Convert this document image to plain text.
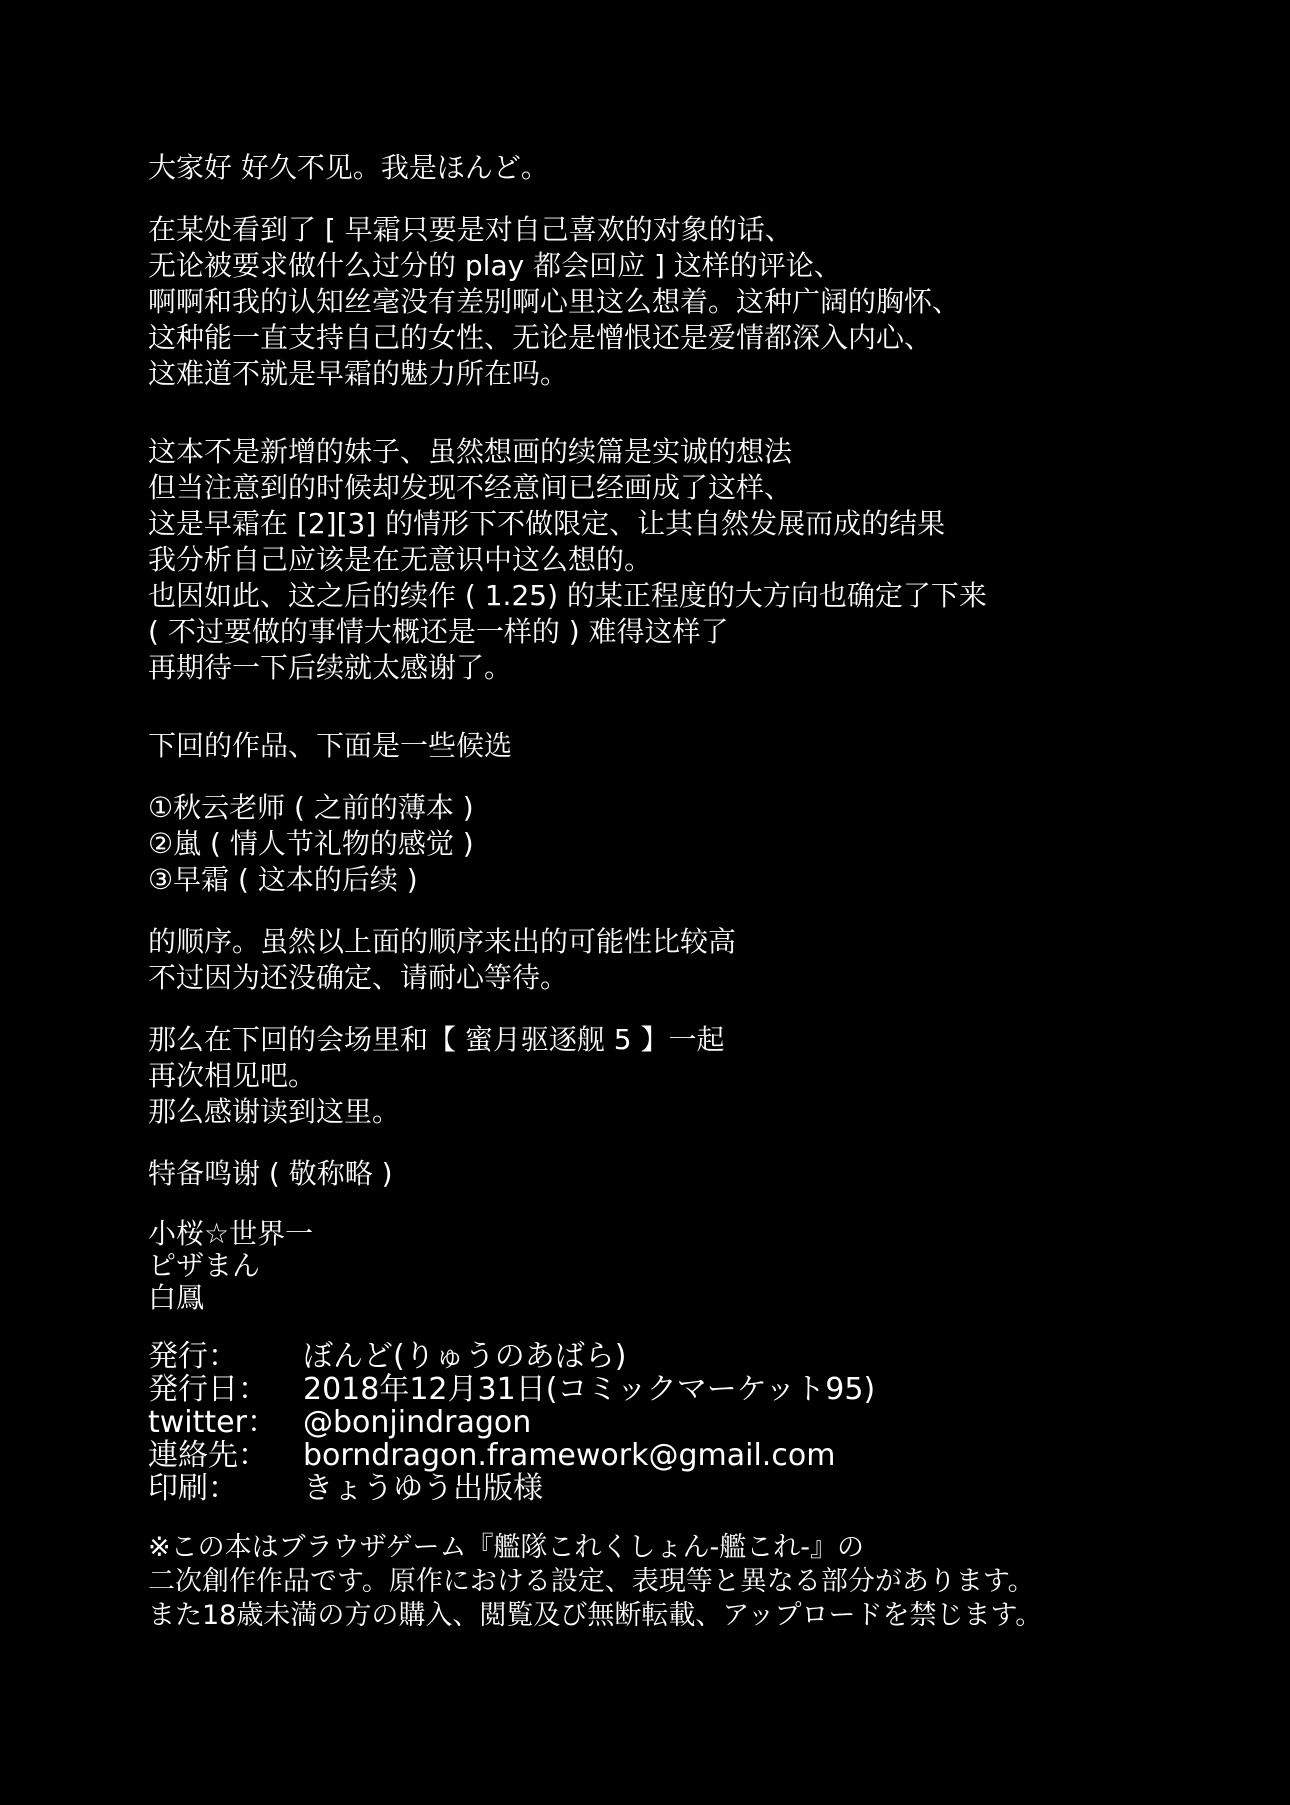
大家好 好久不见。我是ほんど。
在某处看到了 [ 早霜只要是对自己喜欢的对象的话、
无论被要求做什么过分的 play 都会回应 ] 这样的评论、
啊啊和我的认知丝毫没有差别啊心里这么想着。这种广阔的胸怀、
这种能一直支持自己的女性、无论是憎恨还是爱情都深入内心、
这难道不就是早霜的魅力所在吗。
这本不是新增的妹子、虽然想画的续篇是实诚的想法
但当注意到的时候却发现不经意间已经画成了这样、
这是早霜在 [2][3] 的情形下不做限定、让其自然发展而成的结果
我分析自己应该是在无意识中这么想的。
也因如此、这之后的续作 ( 1.25) 的某正程度的大方向也确定了下来
( 不过要做的事情大概还是一样的 ) 难得这样了
再期待一下后续就太感谢了。
下回的作品、下面是一些候选
①秋云老师 ( 之前的薄本 )
②嵐 ( 情人节礼物的感觉 )
③早霜 ( 这本的后续 )
的顺序。虽然以上面的顺序来出的可能性比较高
不过因为还没确定、请耐心等待。
那么在下回的会场里和【 蜜月驱逐舰 5 】一起
再次相见吧。
那么感谢读到这里。
特备鸣谢 ( 敬称略 )
小桜☆世界一
ピザまん
白鳳
発行：	ぼんど(りゅうのあばら)
発行日：	2018年12月31日(コミックマーケット95)
twitter： @bonjindragon
連絡先：	borndragon.framework@gmail.com
印刷：	きょうゆう出版様
※この本はブラウザゲーム『艦隊これくしょん-艦これ-』の
二次創作作品です。原作における設定、表現等と異なる部分があります。
また18歳未満の方の購入、閲覧及び無断転載、アップロードを禁じます。
